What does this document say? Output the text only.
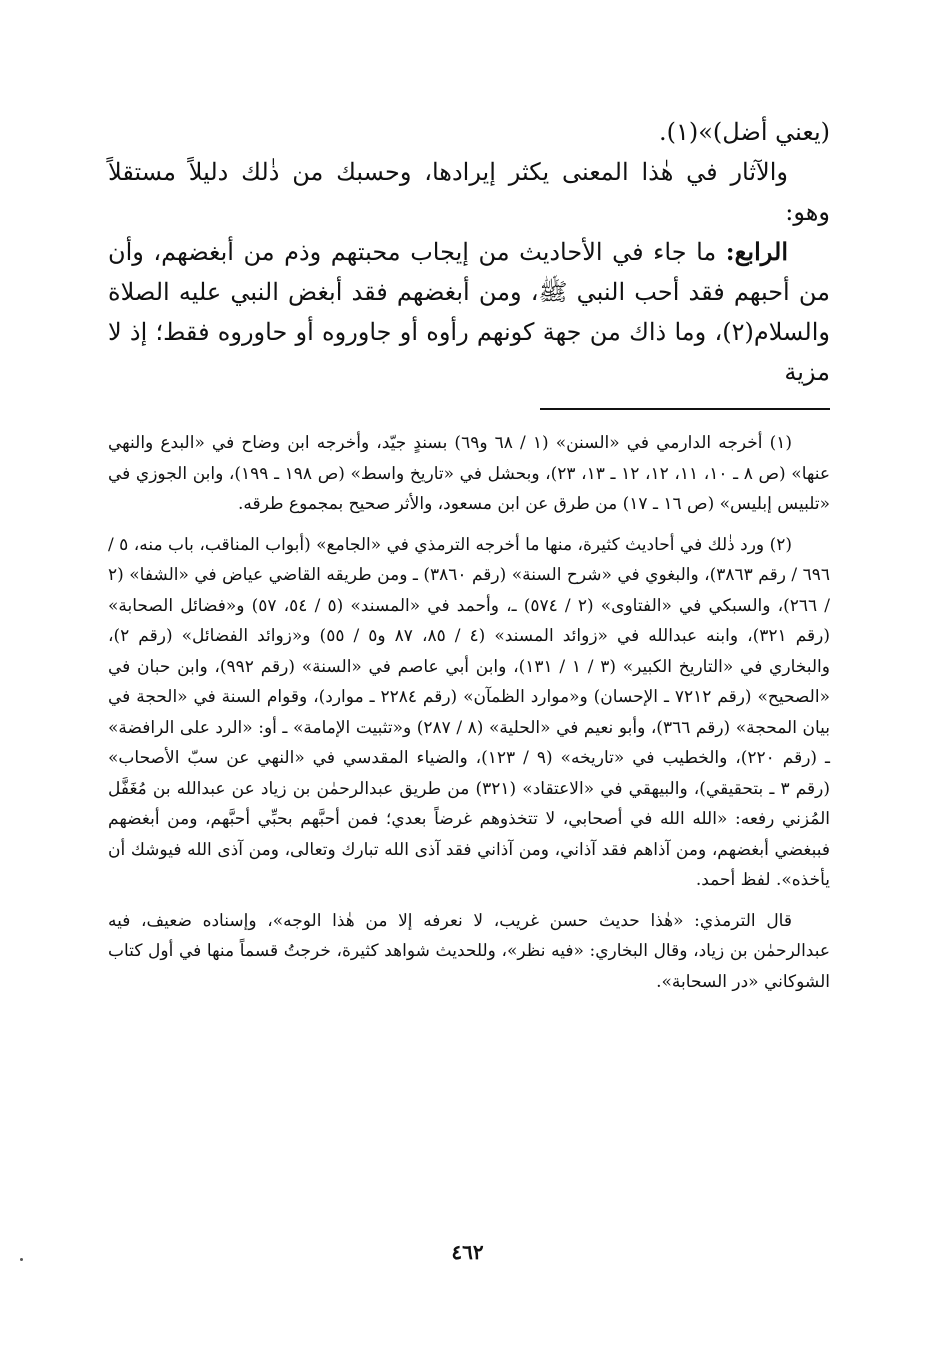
(يعني أضل)»(١).

والآثار في هٰذا المعنى يكثر إيرادها، وحسبك من ذٰلك دليلاً مستقلاً وهو:

الرابع: ما جاء في الأحاديث من إيجاب محبتهم وذم من أبغضهم، وأن من أحبهم فقد أحب النبي ﷺ، ومن أبغضهم فقد أبغض النبي عليه الصلاة والسلام(٢)، وما ذاك من جهة كونهم رأوه أو جاوروه أو حاوروه فقط؛ إذ لا مزية

(١) أخرجه الدارمي في «السنن» (١ / ٦٨ و٦٩) بسندٍ جيّد، وأخرجه ابن وضاح في «البدع والنهي عنها» (ص ٨ ـ ١٠، ١١، ١٢، ١٢ ـ ١٣، ٢٣)، وبحشل في «تاريخ واسط» (ص ١٩٨ ـ ١٩٩)، وابن الجوزي في «تلبيس إبليس» (ص ١٦ ـ ١٧) من طرق عن ابن مسعود، والأثر صحيح بمجموع طرقه.

(٢) ورد ذٰلك في أحاديث كثيرة، منها ما أخرجه الترمذي في «الجامع» (أبواب المناقب، باب منه، ٥ / ٦٩٦ / رقم ٣٨٦٣)، والبغوي في «شرح السنة» (رقم ٣٨٦٠) ـ ومن طريقه القاضي عياض في «الشفا» (٢ / ٢٦٦)، والسبكي في «الفتاوى» (٢ / ٥٧٤) ـ، وأحمد في «المسند» (٥ / ٥٤، ٥٧) و«فضائل الصحابة» (رقم ٣٢١)، وابنه عبدالله في «زوائد المسند» (٤ / ٨٥، ٨٧ و٥ / ٥٥) و«زوائد الفضائل» (رقم ٢)، والبخاري في «التاريخ الكبير» (٣ / ١ / ١٣١)، وابن أبي عاصم في «السنة» (رقم ٩٩٢)، وابن حبان في «الصحيح» (رقم ٧٢١٢ ـ الإحسان) و«موارد الظمآن» (رقم ٢٢٨٤ ـ موارد)، وقوام السنة في «الحجة في بيان المحجة» (رقم ٣٦٦)، وأبو نعيم في «الحلية» (٨ / ٢٨٧) و«تثبيت الإمامة» ـ أو: «الرد على الرافضة» ـ (رقم ٢٢٠)، والخطيب في «تاريخه» (٩ / ١٢٣)، والضياء المقدسي في «النهي عن سبّ الأصحاب» (رقم ٣ ـ بتحقيقي)، والبيهقي في «الاعتقاد» (٣٢١) من طريق عبدالرحمٰن بن زياد عن عبدالله بن مُغَفَّل المُزني رفعه: «الله الله في أصحابي، لا تتخذوهم غرضاً بعدي؛ فمن أحبَّهم بحبِّي أحبَّهم، ومن أبغضهم فببغضي أبغضهم، ومن آذاهم فقد آذاني، ومن آذاني فقد آذى الله تبارك وتعالى، ومن آذى الله فيوشك أن يأخذه». لفظ أحمد.

قال الترمذي: «هٰذا حديث حسن غريب، لا نعرفه إلا من هٰذا الوجه»، وإسناده ضعيف، فيه عبدالرحمٰن بن زياد، وقال البخاري: «فيه نظر»، وللحديث شواهد كثيرة، خرجتُ قسماً منها في أول كتاب الشوكاني «در السحابة».

٤٦٢
